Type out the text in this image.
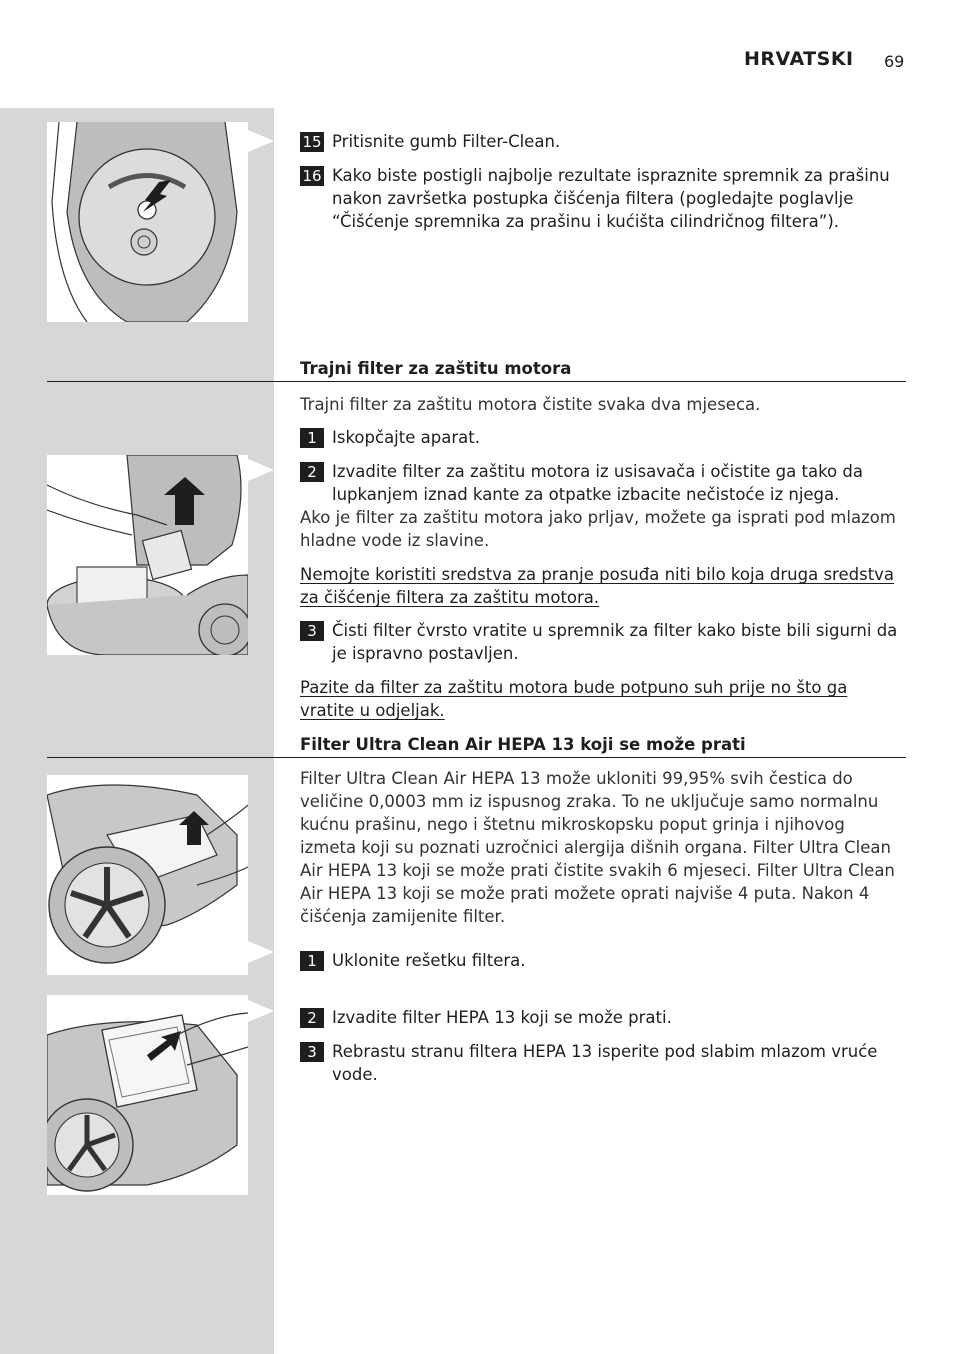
HRVATSKI 69
15 Pritisnite gumb Filter-Clean.
16 Kako biste postigli najbolje rezultate ispraznite spremnik za prašinu nakon završetka postupka čišćenja filtera (pogledajte poglavlje “Čišćenje spremnika za prašinu i kućišta cilindričnog filtera”).
Trajni filter za zaštitu motora
Trajni filter za zaštitu motora čistite svaka dva mjeseca.
1 Iskopčajte aparat.
2 Izvadite filter za zaštitu motora iz usisavača i očistite ga tako da lupkanjem iznad kante za otpatke izbacite nečistoće iz njega.
Ako je filter za zaštitu motora jako prljav, možete ga isprati pod mlazom hladne vode iz slavine.
Nemojte koristiti sredstva za pranje posuđa niti bilo koja druga sredstva za čišćenje filtera za zaštitu motora.
3 Čisti filter čvrsto vratite u spremnik za filter kako biste bili sigurni da je ispravno postavljen.
Pazite da filter za zaštitu motora bude potpuno suh prije no što ga vratite u odjeljak.
Filter Ultra Clean Air HEPA 13 koji se može prati
Filter Ultra Clean Air HEPA 13 može ukloniti 99,95% svih čestica do veličine 0,0003 mm iz ispusnog zraka. To ne uključuje samo normalnu kućnu prašinu, nego i štetnu mikroskopsku poput grinja i njihovog izmeta koji su poznati uzročnici alergija dišnih organa. Filter Ultra Clean Air HEPA 13 koji se može prati čistite svakih 6 mjeseci. Filter Ultra Clean Air HEPA 13 koji se može prati možete oprati najviše 4 puta. Nakon 4 čišćenja zamijenite filter.
1 Uklonite rešetku filtera.
2 Izvadite filter HEPA 13 koji se može prati.
3 Rebrastu stranu filtera HEPA 13 isperite pod slabim mlazom vruće vode.
